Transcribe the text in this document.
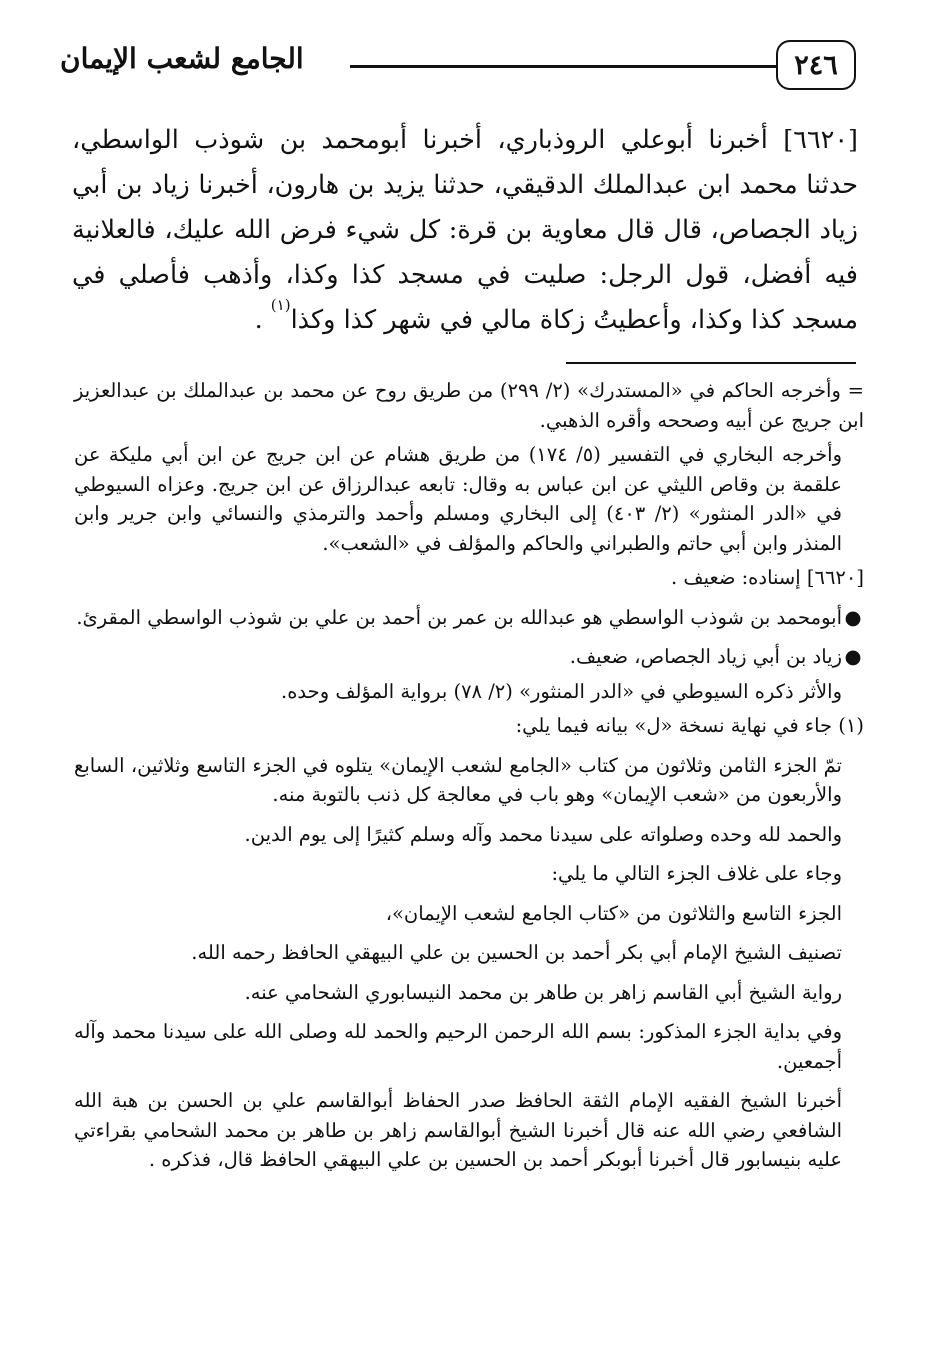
٢٤٦
الجامع لشعب الإيمان

[٦٦٢٠] أخبرنا أبوعلي الروذباري، أخبرنا أبومحمد بن شوذب الواسطي، حدثنا محمد ابن عبدالملك الدقيقي، حدثنا يزيد بن هارون، أخبرنا زياد بن أبي زياد الجصاص، قال قال معاوية بن قرة: كل شيء فرض الله عليك، فالعلانية فيه أفضل، قول الرجل: صليت في مسجد كذا وكذا، وأذهب فأصلي في مسجد كذا وكذا، وأعطيتُ زكاة مالي في شهر كذا وكذا$^{(١)}$ .

= وأخرجه الحاكم في «المستدرك» (٢/ ٢٩٩) من طريق روح عن محمد بن عبدالملك بن عبدالعزيز ابن جريج عن أبيه وصححه وأقره الذهبي.

وأخرجه البخاري في التفسير (٥/ ١٧٤) من طريق هشام عن ابن جريج عن ابن أبي مليكة عن علقمة بن وقاص الليثي عن ابن عباس به وقال: تابعه عبدالرزاق عن ابن جريج. وعزاه السيوطي في «الدر المنثور» (٢/ ٤٠٣) إلى البخاري ومسلم وأحمد والترمذي والنسائي وابن جرير وابن المنذر وابن أبي حاتم والطبراني والحاكم والمؤلف في «الشعب».

[٦٦٢٠] إسناده: ضعيف .

●
أبومحمد بن شوذب الواسطي هو عبدالله بن عمر بن أحمد بن علي بن شوذب الواسطي المقرئ.
●
زياد بن أبي زياد الجصاص، ضعيف.

والأثر ذكره السيوطي في «الدر المنثور» (٢/ ٧٨) برواية المؤلف وحده.

(١) جاء في نهاية نسخة «ل» بيانه فيما يلي:

تمّ الجزء الثامن وثلاثون من كتاب «الجامع لشعب الإيمان» يتلوه في الجزء التاسع وثلاثين، السابع والأربعون من «شعب الإيمان» وهو باب في معالجة كل ذنب بالتوبة منه.

والحمد لله وحده وصلواته على سيدنا محمد وآله وسلم كثيرًا إلى يوم الدين.

وجاء على غلاف الجزء التالي ما يلي:

الجزء التاسع والثلاثون من «كتاب الجامع لشعب الإيمان»،

تصنيف الشيخ الإمام أبي بكر أحمد بن الحسين بن علي البيهقي الحافظ رحمه الله.

رواية الشيخ أبي القاسم زاهر بن طاهر بن محمد النيسابوري الشحامي عنه.

وفي بداية الجزء المذكور: بسم الله الرحمن الرحيم والحمد لله وصلى الله على سيدنا محمد وآله أجمعين.

أخبرنا الشيخ الفقيه الإمام الثقة الحافظ صدر الحفاظ أبوالقاسم علي بن الحسن بن هبة الله الشافعي رضي الله عنه قال أخبرنا الشيخ أبوالقاسم زاهر بن طاهر بن محمد الشحامي بقراءتي عليه بنيسابور قال أخبرنا أبوبكر أحمد بن الحسين بن علي البيهقي الحافظ قال، فذكره .
